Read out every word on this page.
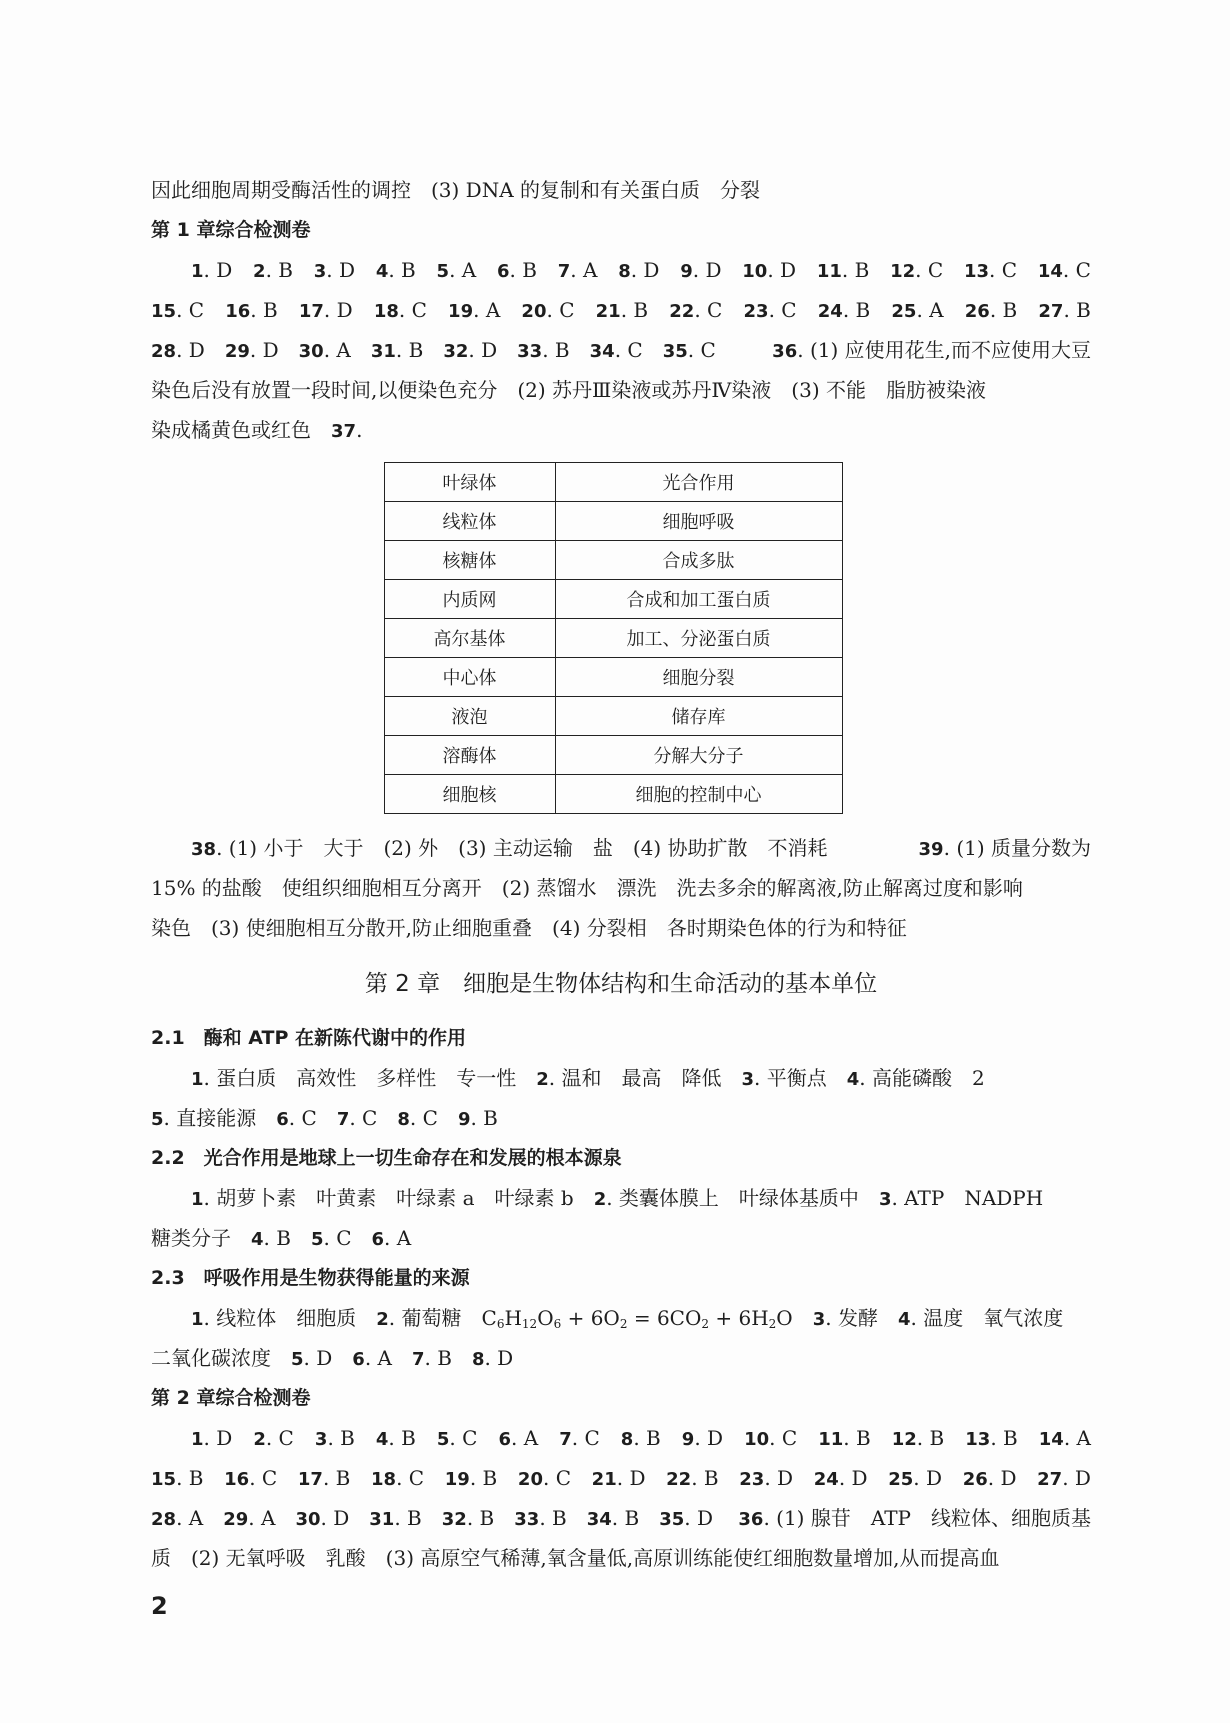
因此细胞周期受酶活性的调控　(3) DNA 的复制和有关蛋白质　分裂
第 1 章综合检测卷
1. D 2. B 3. D 4. B 5. A 6. B 7. A 8. D 9. D 10. D 11. B 12. C 13. C 14. C
15. C 16. B 17. D 18. C 19. A 20. C 21. B 22. C 23. C 24. B 25. A 26. B 27. B
28. D　 29. D　 30. A　 31. B　 32. D　 33. B　 34. C　 35. C	36. (1) 应使用花生,而不应使用大豆
染色后没有放置一段时间,以便染色充分　(2) 苏丹Ⅲ染液或苏丹Ⅳ染液　(3) 不能　脂肪被染液
染成橘黄色或红色 37.
叶绿体	光合作用
线粒体	细胞呼吸
核糖体	合成多肽
内质网	合成和加工蛋白质
高尔基体	加工、分泌蛋白质
中心体	细胞分裂
液泡	储存库
溶酶体	分解大分子
细胞核	细胞的控制中心
38. (1) 小于　大于　(2) 外　(3) 主动运输　盐　(4) 协助扩散　不消耗	39. (1) 质量分数为
15% 的盐酸　使组织细胞相互分离开　(2) 蒸馏水　漂洗　洗去多余的解离液,防止解离过度和影响
染色　(3) 使细胞相互分散开,防止细胞重叠　(4) 分裂相　各时期染色体的行为和特征
第 2 章　细胞是生物体结构和生命活动的基本单位
2.1　酶和 ATP 在新陈代谢中的作用
1. 蛋白质　高效性　多样性　专一性　 2. 温和　最高　降低　 3. 平衡点　 4. 高能磷酸　2
5. 直接能源　 6. C　 7. C　 8. C　 9. B
2.2　光合作用是地球上一切生命存在和发展的根本源泉
1. 胡萝卜素　叶黄素　叶绿素 a　叶绿素 b　 2. 类囊体膜上　叶绿体基质中　 3. ATP　NADPH
糖类分子　 4. B　 5. C　 6. A
2.3　呼吸作用是生物获得能量的来源
1. 线粒体　细胞质　 2. 葡萄糖　 $C_6H_{12}O_6 + 6O_2 = 6CO_2 + 6H_2O$　 3. 发酵　 4. 温度　氧气浓度
二氧化碳浓度　 5. D　 6. A　 7. B　 8. D
第 2 章综合检测卷
1. D 2. C 3. B 4. B 5. C 6. A 7. C 8. B 9. D 10. C 11. B 12. B 13. B 14. A
15. B 16. C 17. B 18. C 19. B 20. C 21. D 22. B 23. D 24. D 25. D 26. D 27. D
28. A　 29. A　 30. D　 31. B　 32. B　 33. B　 34. B　 35. D 36. (1) 腺苷　ATP　线粒体、细胞质基
质　(2) 无氧呼吸　乳酸　(3) 高原空气稀薄,氧含量低,高原训练能使红细胞数量增加,从而提高血
2
